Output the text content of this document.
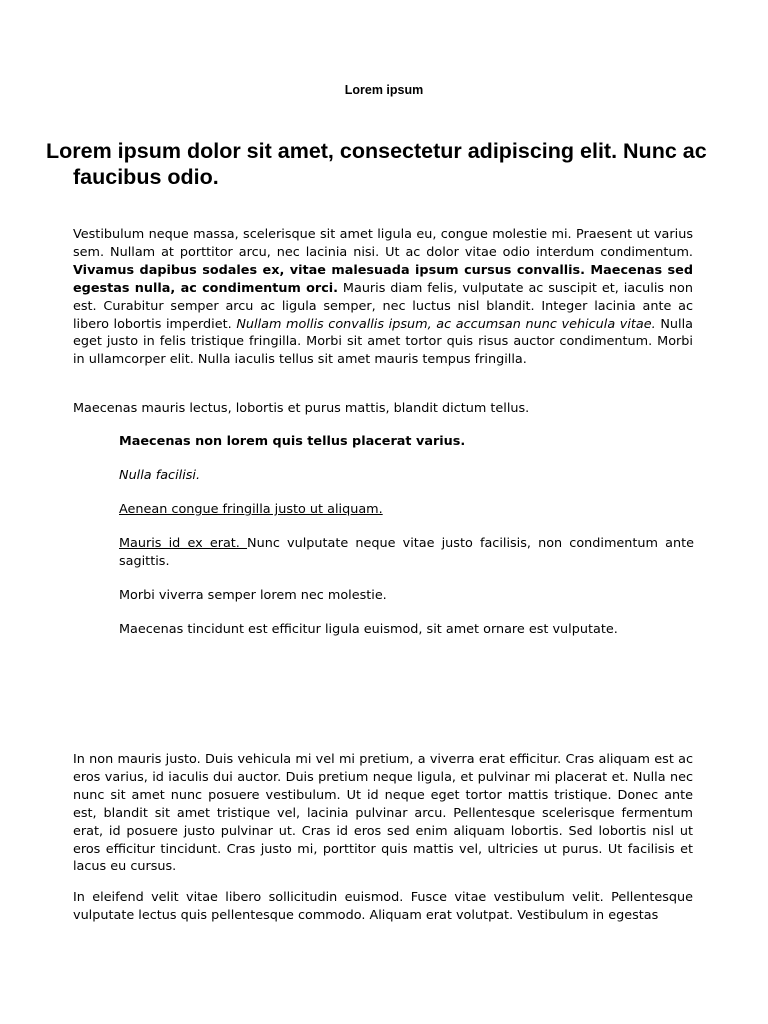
Lorem ipsum
Lorem ipsum dolor sit amet, consectetur adipiscing elit. Nunc ac faucibus odio.

Vestibulum neque massa, scelerisque sit amet ligula eu, congue molestie mi. Praesent ut varius sem. Nullam at porttitor arcu, nec lacinia nisi. Ut ac dolor vitae odio interdum condimentum. Vivamus dapibus sodales ex, vitae malesuada ipsum cursus convallis. Maecenas sed egestas nulla, ac condimentum orci. Mauris diam felis, vulputate ac suscipit et, iaculis non est. Curabitur semper arcu ac ligula semper, nec luctus nisl blandit. Integer lacinia ante ac libero lobortis imperdiet. Nullam mollis convallis ipsum, ac accumsan nunc vehicula vitae. Nulla eget justo in felis tristique fringilla. Morbi sit amet tortor quis risus auctor condimentum. Morbi in ullamcorper elit. Nulla iaculis tellus sit amet mauris tempus fringilla.

Maecenas mauris lectus, lobortis et purus mattis, blandit dictum tellus.

Maecenas non lorem quis tellus placerat varius.
Nulla facilisi.
Aenean congue fringilla justo ut aliquam.
Mauris id ex erat. Nunc vulputate neque vitae justo facilisis, non condimentum ante sagittis.
Morbi viverra semper lorem nec molestie.
Maecenas tincidunt est efficitur ligula euismod, sit amet ornare est vulputate.

In non mauris justo. Duis vehicula mi vel mi pretium, a viverra erat efficitur. Cras aliquam est ac eros varius, id iaculis dui auctor. Duis pretium neque ligula, et pulvinar mi placerat et. Nulla nec nunc sit amet nunc posuere vestibulum. Ut id neque eget tortor mattis tristique. Donec ante est, blandit sit amet tristique vel, lacinia pulvinar arcu. Pellentesque scelerisque fermentum erat, id posuere justo pulvinar ut. Cras id eros sed enim aliquam lobortis. Sed lobortis nisl ut eros efficitur tincidunt. Cras justo mi, porttitor quis mattis vel, ultricies ut purus. Ut facilisis et lacus eu cursus.

In eleifend velit vitae libero sollicitudin euismod. Fusce vitae vestibulum velit. Pellentesque vulputate lectus quis pellentesque commodo. Aliquam erat volutpat. Vestibulum in egestas
